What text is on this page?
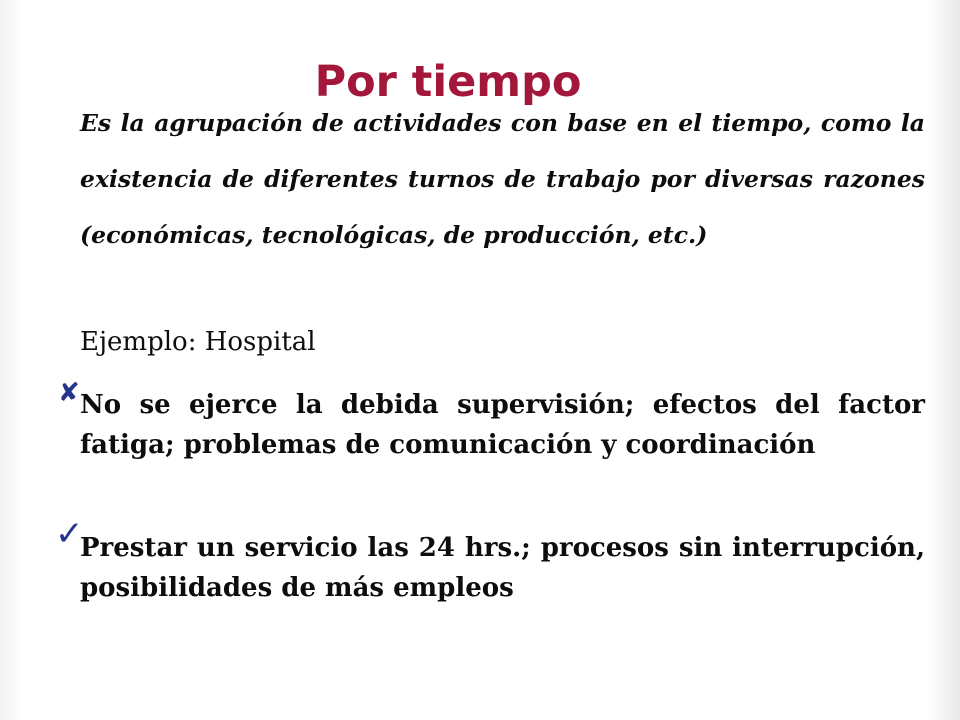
Por tiempo

Es la agrupación de actividades con base en el tiempo, como la existencia de diferentes turnos de trabajo por diversas razones (económicas, tecnológicas, de producción, etc.)

Ejemplo: Hospital

✘ No se ejerce la debida supervisión; efectos del factor fatiga; problemas de comunicación y coordinación

✓

Prestar un servicio las 24 hrs.; procesos sin interrupción, posibilidades de más empleos
